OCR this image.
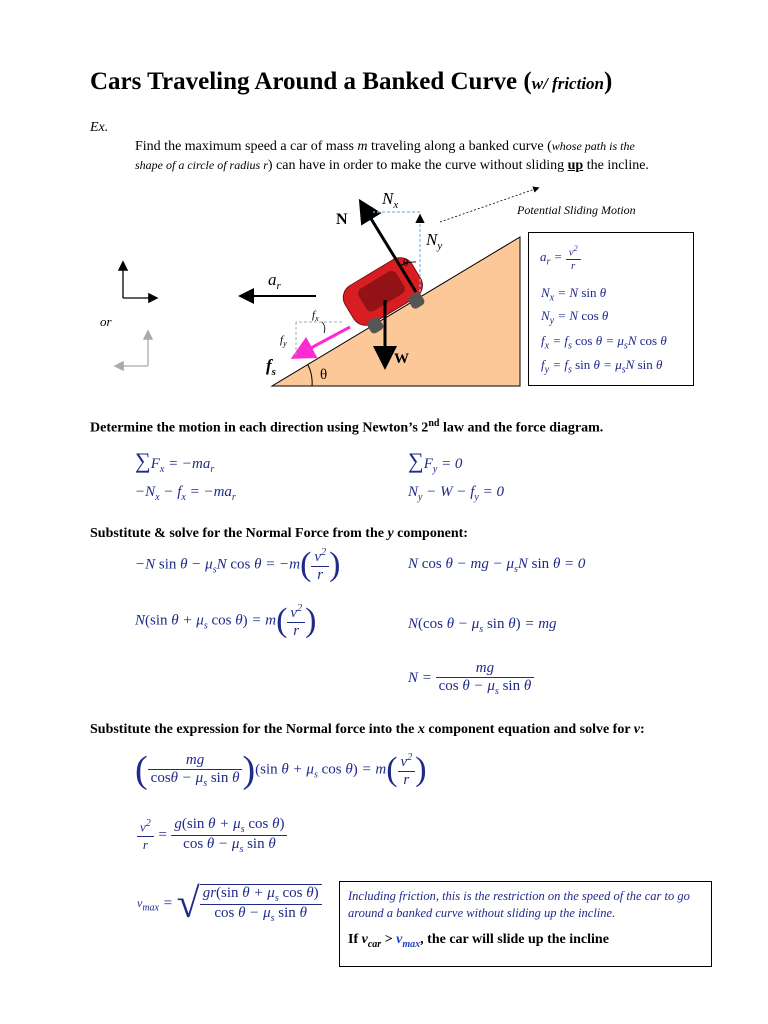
Cars Traveling Around a Banked Curve (w/ friction)
Ex.
Find the maximum speed a car of mass m traveling along a banked curve (whose path is the
shape of a circle of radius r) can have in order to make the curve without sliding up the incline.
N
$N_x$
$N_y$
θ
W
$a_r$
$f_s$
$f_x$
$f_y$
θ
Potential Sliding Motion
or
$a_r = \frac{v^2}{r}$
$N_x = N$ sin θ
$N_y = N$ cos θ
$f_x = f_s$ $\cos \theta = \mu_sN$ cos θ
$f_y = f_s$ $\sin \theta = \mu_sN$ sin θ
Determine the motion in each direction using Newton’s 2nd law and the force diagram.
$\sum F_x = -ma_r$	$\sum F_y = 0$
$-N_x - f_x = -ma_r$	$N_y - W - f_y = 0$
Substitute & solve for the Normal Force from the y component:
−N $\sin \theta - \mu_sN$ $\cos \theta = -m( \frac{v^2}{r}$ )	N cos θ − mg − $\mu_sN$ sin θ = 0
N(sin $\theta + \mu_s$ $\cos \theta) = m( \frac{v^2}{r}$ )	N(cos $\theta - \mu_s$ sin θ) = mg
$N = \frac{mg}{\cos \theta - \mu_s \sin \theta}$
Substitute the expression for the Normal force into the x component equation and solve for v:
( $\frac{mg}{\cos\theta - \mu_s \sin \theta} )(\sin$ $\theta + \mu_s$ $\cos \theta) = m( \frac{v^2}{r}$ )
$\frac{v^2}{r} = \frac{g(\sin \theta + \mu_s \cos \theta)}{\cos \theta - \mu_s \sin \theta}$
$v_{max}$ = √ $\frac{gr(\sin \theta + \mu_s \cos \theta)}{\cos \theta - \mu_s \sin \theta}$ Including friction, this is the restriction on the speed of the car to go around a banked curve without sliding up the incline.
If $v_{car} > v_{max}$, the car will slide up the incline
